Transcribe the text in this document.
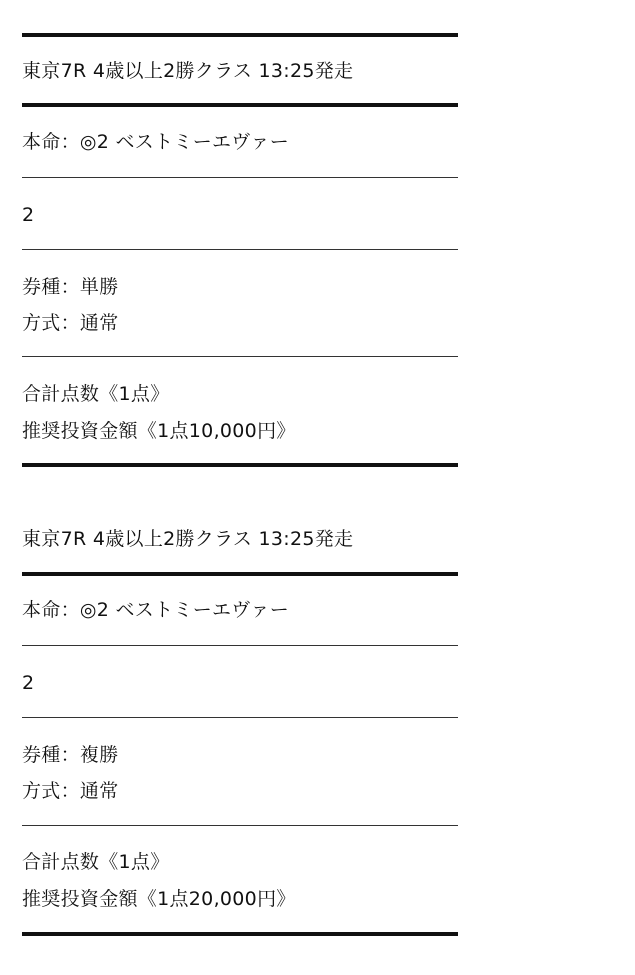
東京7R 4歳以上2勝クラス 13:25発走
本命：◎2 ベストミーエヴァー
2
券種：単勝
方式：通常
合計点数《1点》
推奨投資金額《1点10,000円》
東京7R 4歳以上2勝クラス 13:25発走
本命：◎2 ベストミーエヴァー
2
券種：複勝
方式：通常
合計点数《1点》
推奨投資金額《1点20,000円》
